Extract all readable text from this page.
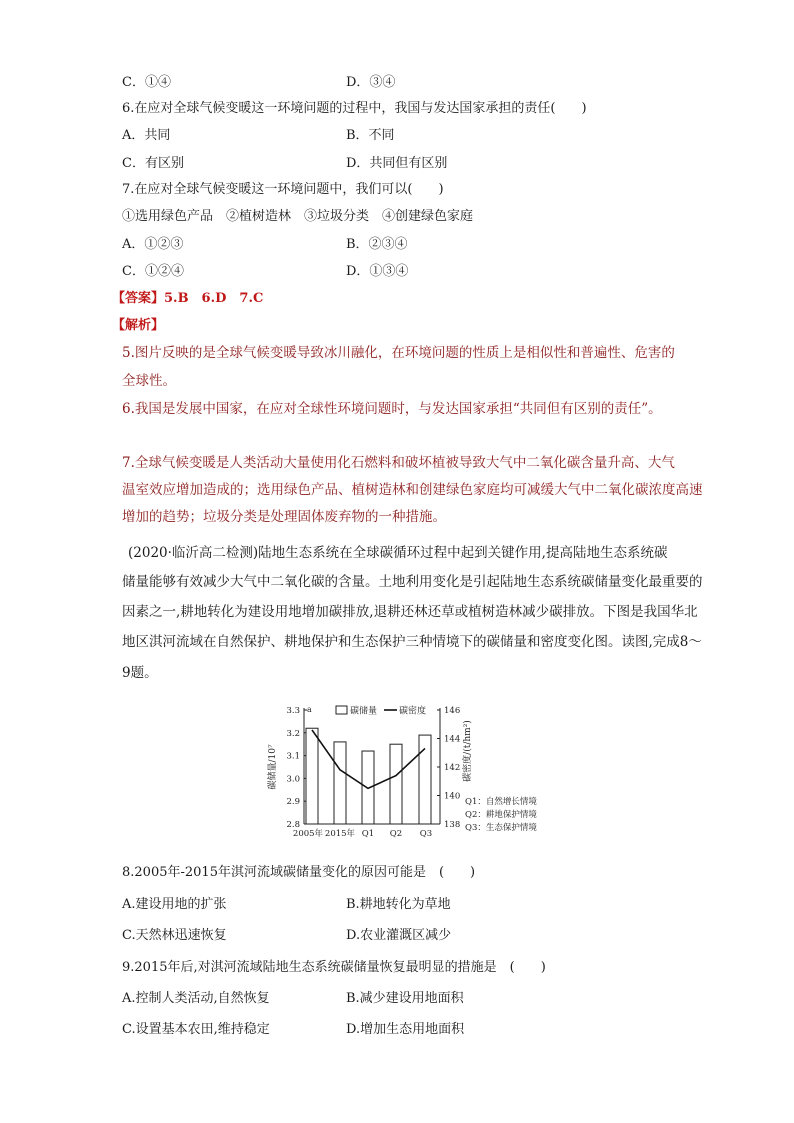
C．①④	D．③④
6.在应对全球气候变暖这一环境问题的过程中，我国与发达国家承担的责任(　　)
A．共同	B．不同
C．有区别	D．共同但有区别
7.在应对全球气候变暖这一环境问题中，我们可以(　　)
①选用绿色产品　②植树造林　③垃圾分类　④创建绿色家庭
A．①②③	B．②③④
C．①②④	D．①③④
【答案】5.B　6.D　7.C
【解析】
5.图片反映的是全球气候变暖导致冰川融化，在环境问题的性质上是相似性和普遍性、危害的
全球性。
6.我国是发展中国家，在应对全球性环境问题时，与发达国家承担“共同但有区别的责任”。
7.全球气候变暖是人类活动大量使用化石燃料和破坏植被导致大气中二氧化碳含量升高、大气
温室效应增加造成的；选用绿色产品、植树造林和创建绿色家庭均可减缓大气中二氧化碳浓度高速
增加的趋势；垃圾分类是处理固体废弃物的一种措施。
(2020·临沂高二检测)陆地生态系统在全球碳循环过程中起到关键作用,提高陆地生态系统碳
储量能够有效减少大气中二氧化碳的含量。土地利用变化是引起陆地生态系统碳储量变化最重要的
因素之一,耕地转化为建设用地增加碳排放,退耕还林还草或植树造林减少碳排放。下图是我国华北
地区淇河流域在自然保护、耕地保护和生态保护三种情境下的碳储量和密度变化图。读图,完成8～
9题。
2.8
2.9
3.0
3.1
3.2
3.3
138
140
142
144
146
a
碳储量/10⁷	碳密度/(t/hm²)
2005年 2015年 Q1 Q2 Q3
碳储量 碳密度
Q1：自然增长情境
Q2：耕地保护情境
Q3：生态保护情境
8.2005年-2015年淇河流域碳储量变化的原因可能是　(　　)
A.建设用地的扩张	B.耕地转化为草地
C.天然林迅速恢复	D.农业灌溉区减少
9.2015年后,对淇河流域陆地生态系统碳储量恢复最明显的措施是　(　　)
A.控制人类活动,自然恢复	B.减少建设用地面积
C.设置基本农田,维持稳定	D.增加生态用地面积
